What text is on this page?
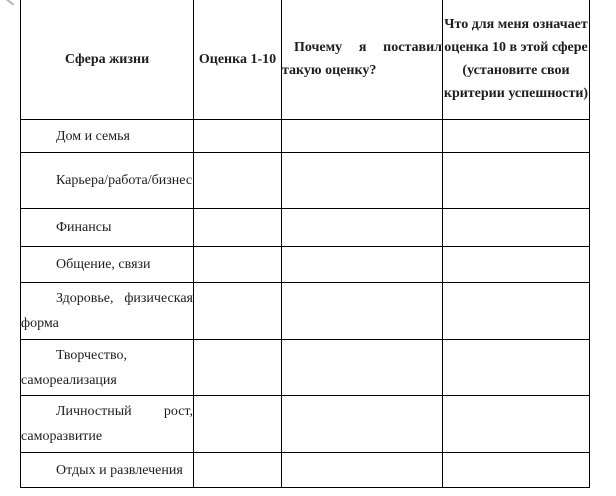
Сфера жизни	Оценка 1-10	Почему я поставил такую оценку?	Что для меня означает оценка 10 в этой сфере (установите свои критерии успешности)
Дом и семья			
Карьера/работа/бизнес			
Финансы			
Общение, связи			
Здоровье, физическая форма			
Творчество, самореализация			
Личностный рост, саморазвитие			
Отдых и развлечения			
